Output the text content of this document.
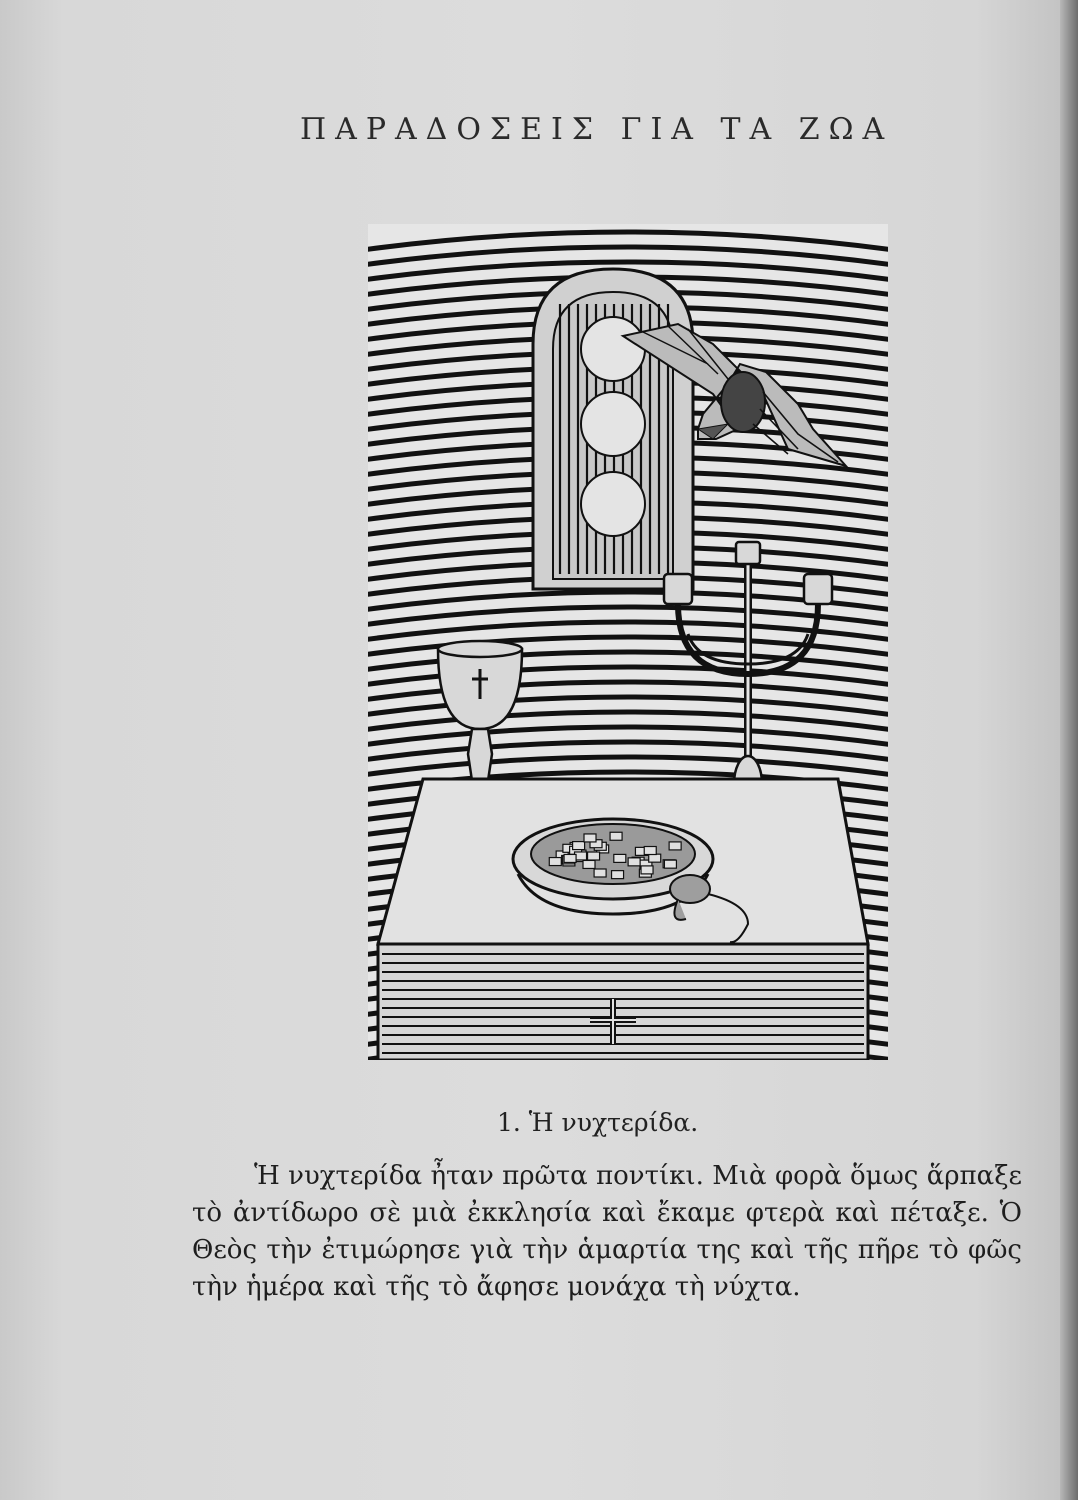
ΠΑΡΑΔΟΣΕΙΣ ΓΙΑ ΤΑ ΖΩΑ
1. Ἡ νυχτερίδα.

Ἡ νυχτερίδα ἦταν πρῶτα ποντίκι. Μιὰ φορὰ ὅμως ἅρπαξε τὸ ἀντίδωρο σὲ μιὰ ἐκκλησία καὶ ἔκαμε φτερὰ καὶ πέταξε. Ὁ Θεὸς τὴν ἐτιμώρησε γιὰ τὴν ἁμαρτία της καὶ τῆς πῆρε τὸ φῶς τὴν ἡμέρα καὶ τῆς τὸ ἄφησε μονάχα τὴ νύχτα.
